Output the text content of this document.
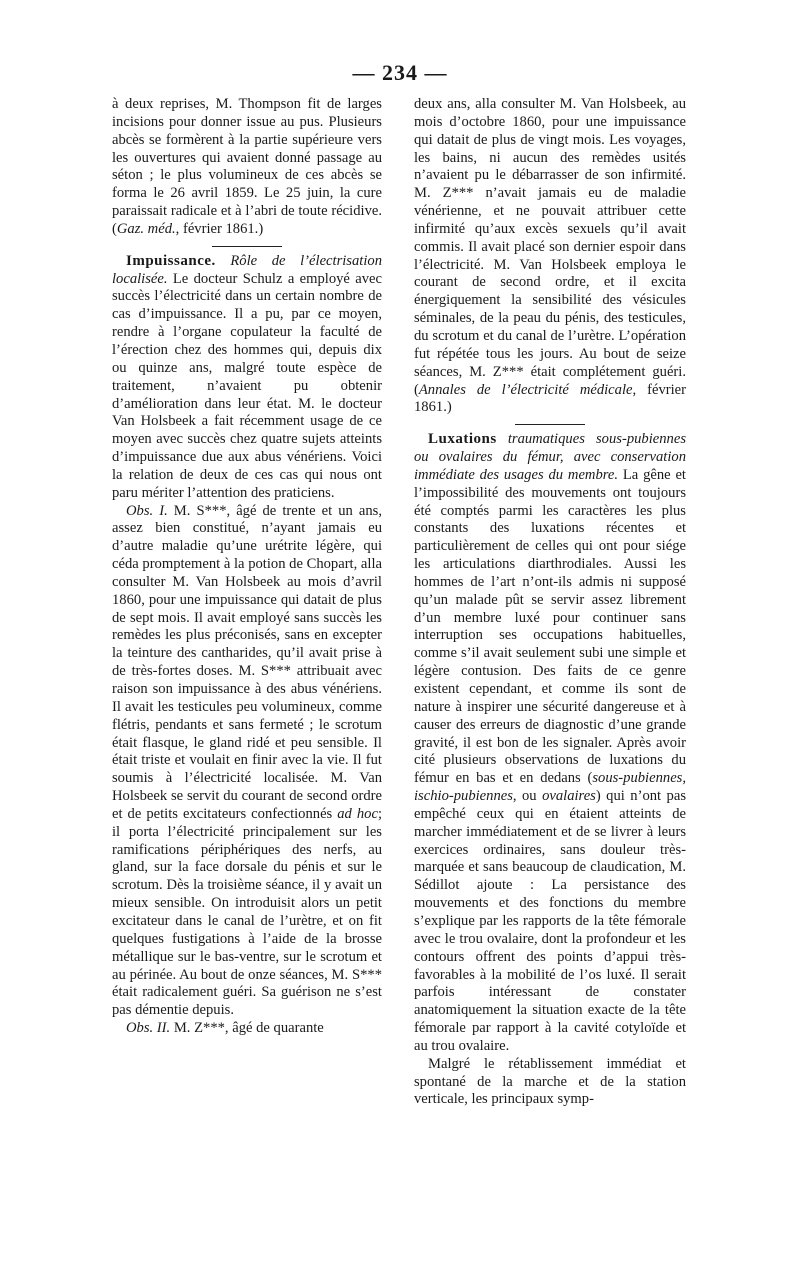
— 234 —

à deux reprises, M. Thompson fit de larges incisions pour donner issue au pus. Plusieurs abcès se formèrent à la partie supérieure vers les ouvertures qui avaient donné passage au séton ; le plus volumineux de ces abcès se forma le 26 avril 1859. Le 25 juin, la cure paraissait radicale et à l’abri de toute récidive. (Gaz. méd., février 1861.)

Impuissance. Rôle de l’électrisation localisée. Le docteur Schulz a employé avec succès l’électricité dans un certain nombre de cas d’impuissance. Il a pu, par ce moyen, rendre à l’organe copulateur la faculté de l’érection chez des hommes qui, depuis dix ou quinze ans, malgré toute espèce de traitement, n’avaient pu obtenir d’amélioration dans leur état. M. le docteur Van Holsbeek a fait récemment usage de ce moyen avec succès chez quatre sujets atteints d’impuissance due aux abus vénériens. Voici la relation de deux de ces cas qui nous ont paru mériter l’attention des praticiens.

Obs. I. M. S***, âgé de trente et un ans, assez bien constitué, n’ayant jamais eu d’autre maladie qu’une urétrite légère, qui céda promptement à la potion de Chopart, alla consulter M. Van Holsbeek au mois d’avril 1860, pour une impuissance qui datait de plus de sept mois. Il avait employé sans succès les remèdes les plus préconisés, sans en excepter la teinture des cantharides, qu’il avait prise à de très-fortes doses. M. S*** attribuait avec raison son impuissance à des abus vénériens. Il avait les testicules peu volumineux, comme flétris, pendants et sans fermeté ; le scrotum était flasque, le gland ridé et peu sensible. Il était triste et voulait en finir avec la vie. Il fut soumis à l’électricité localisée. M. Van Holsbeek se servit du courant de second ordre et de petits excitateurs confectionnés ad hoc; il porta l’électricité principalement sur les ramifications périphériques des nerfs, au gland, sur la face dorsale du pénis et sur le scrotum. Dès la troisième séance, il y avait un mieux sensible. On introduisit alors un petit excitateur dans le canal de l’urètre, et on fit quelques fustigations à l’aide de la brosse métallique sur le bas-ventre, sur le scrotum et au périnée. Au bout de onze séances, M. S*** était radicalement guéri. Sa guérison ne s’est pas démentie depuis.

Obs. II. M. Z***, âgé de quarante

deux ans, alla consulter M. Van Holsbeek, au mois d’octobre 1860, pour une impuissance qui datait de plus de vingt mois. Les voyages, les bains, ni aucun des remèdes usités n’avaient pu le débarrasser de son infirmité. M. Z*** n’avait jamais eu de maladie vénérienne, et ne pouvait attribuer cette infirmité qu’aux excès sexuels qu’il avait commis. Il avait placé son dernier espoir dans l’électricité. M. Van Holsbeek employa le courant de second ordre, et il excita énergiquement la sensibilité des vésicules séminales, de la peau du pénis, des testicules, du scrotum et du canal de l’urètre. L’opération fut répétée tous les jours. Au bout de seize séances, M. Z*** était complétement guéri. (Annales de l’électricité médicale, février 1861.)

Luxations traumatiques sous-pubiennes ou ovalaires du fémur, avec conservation immédiate des usages du membre. La gêne et l’impossibilité des mouvements ont toujours été comptés parmi les caractères les plus constants des luxations récentes et particulièrement de celles qui ont pour siége les articulations diarthrodiales. Aussi les hommes de l’art n’ont-ils admis ni supposé qu’un malade pût se servir assez librement d’un membre luxé pour continuer sans interruption ses occupations habituelles, comme s’il avait seulement subi une simple et légère contusion. Des faits de ce genre existent cependant, et comme ils sont de nature à inspirer une sécurité dangereuse et à causer des erreurs de diagnostic d’une grande gravité, il est bon de les signaler. Après avoir cité plusieurs observations de luxations du fémur en bas et en dedans (sous-pubiennes, ischio-pubiennes, ou ovalaires) qui n’ont pas empêché ceux qui en étaient atteints de marcher immédiatement et de se livrer à leurs exercices ordinaires, sans douleur très-marquée et sans beaucoup de claudication, M. Sédillot ajoute : La persistance des mouvements et des fonctions du membre s’explique par les rapports de la tête fémorale avec le trou ovalaire, dont la profondeur et les contours offrent des points d’appui très-favorables à la mobilité de l’os luxé. Il serait parfois intéressant de constater anatomiquement la situation exacte de la tête fémorale par rapport à la cavité cotyloïde et au trou ovalaire.

Malgré le rétablissement immédiat et spontané de la marche et de la station verticale, les principaux symp-
